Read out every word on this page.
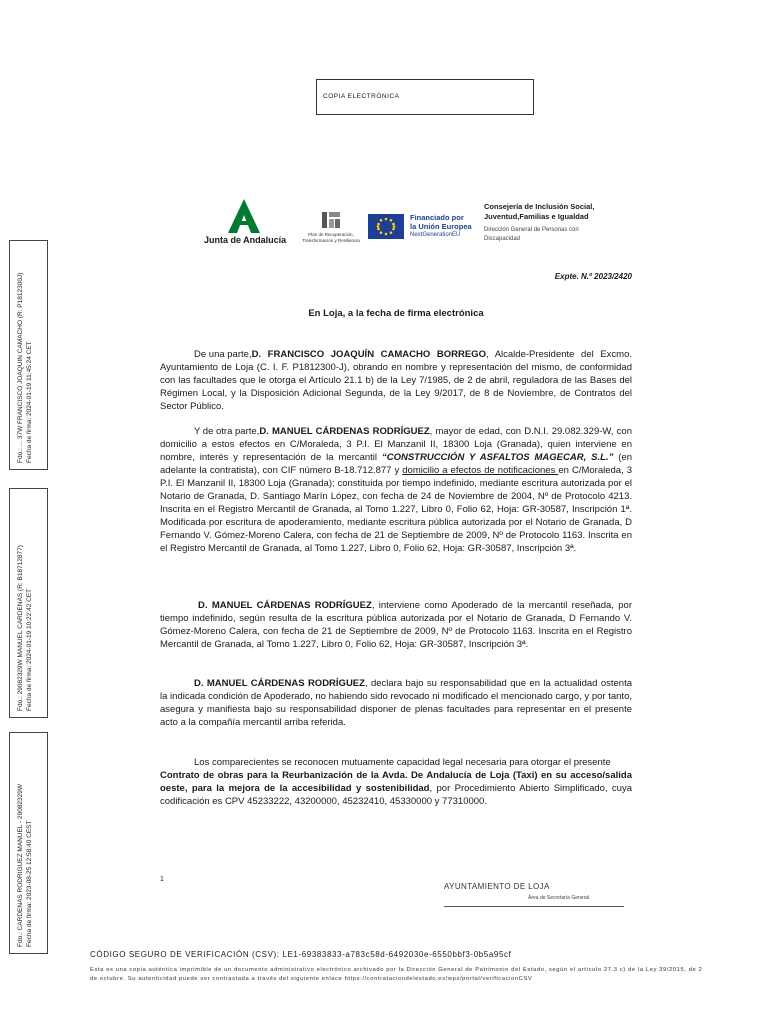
COPIA ELECTRÓNICA
Junta de Andalucía
Plan de Recuperación,
Transformación y Resiliencia
Financiado por
la Unión Europea
NextGenerationEU
Consejería de Inclusión Social,
Juventud,Familias e Igualdad
Dirección General de Personas con Discapacidad
Expte. N.º 2023/2420
En Loja, a la fecha de firma electrónica

De una parte,D. FRANCISCO JOAQUÍN CAMACHO BORREGO, Alcalde-Presidente del Excmo. Ayuntamiento de Loja (C. I. F. P1812300-J), obrando en nombre y representación del mismo, de conformidad con las facultades que le otorga el Artículo 21.1 b) de la Ley 7/1985, de 2 de abril, reguladora de las Bases del Régimen Local, y la Disposición Adicional Segunda, de la Ley 9/2017, de 8 de Noviembre, de Contratos del Sector Público.

Y de otra parte,D. MANUEL CÁRDENAS RODRÍGUEZ, mayor de edad, con D.N.I. 29.082.329-W, con domicilio a estos efectos en C/Moraleda, 3 P.I. El Manzanil II, 18300 Loja (Granada), quien interviene en nombre, interés y representación de la mercantil “CONSTRUCCIÓN Y ASFALTOS MAGECAR, S.L.” (en adelante la contratista), con CIF número B-18.712.877 y domicilio a efectos de notificaciones en C/Moraleda, 3 P.I. El Manzanil II, 18300 Loja (Granada); constituida por tiempo indefinido, mediante escritura autorizada por el Notario de Granada, D. Santiago Marín López, con fecha de 24 de Noviembre de 2004, Nº de Protocolo 4213. Inscrita en el Registro Mercantil de Granada, al Tomo 1.227, Libro 0, Folio 62, Hoja: GR-30587, Inscripción 1ª. Modificada por escritura de apoderamiento, mediante escritura pública autorizada por el Notario de Granada, D Fernando V. Gómez-Moreno Calera, con fecha de 21 de Septiembre de 2009, Nº de Protocolo 1163. Inscrita en el Registro Mercantil de Granada, al Tomo 1.227, Libro 0, Folio 62, Hoja: GR-30587, Inscripción 3ª.

D. MANUEL CÁRDENAS RODRÍGUEZ, interviene como Apoderado de la mercantil reseñada, por tiempo indefinido, según resulta de la escritura pública autorizada por el Notario de Granada, D Fernando V. Gómez-Moreno Calera, con fecha de 21 de Septiembre de 2009, Nº de Protocolo 1163. Inscrita en el Registro Mercantil de Granada, al Tomo 1.227, Libro 0, Folio 62, Hoja: GR-30587, Inscripción 3ª.

D. MANUEL CÁRDENAS RODRÍGUEZ, declara bajo su responsabilidad que en la actualidad ostenta la indicada condición de Apoderado, no habiendo sido revocado ni modificado el mencionado cargo, y por tanto, asegura y manifiesta bajo su responsabilidad disponer de plenas facultades para representar en el presente acto a la compañía mercantil arriba referida.

Los comparecientes se reconocen mutuamente capacidad legal necesaria para otorgar el presenteContrato de obras para la Reurbanización de la Avda. De Andalucía de Loja (Taxi) en su acceso/salida oeste, para la mejora de la accesibilidad y sostenibilidad, por Procedimiento Abierto Simplificado, cuya codificación es CPV 45233222, 43200000, 45232410, 45330000 y 77310000.

1
AYUNTAMIENTO DE LOJA
Área de Secretaría General
Fdo.: ... 37W FRANCISCO JOAQUIN CAMACHO (R: P1812300J) Fecha de firma: 2024-01-19 11:45:24 CET
Fdo.: 29082329W MANUEL CARDENAS (R: B18712877) Fecha de firma: 2024-01-19 10:22:42 CET
Fdo.: CARDENAS RODRIGUEZ MANUEL - 29082329W Fecha de firma: 2023-08-25 12:58:40 CEST
CÓDIGO SEGURO DE VERIFICACIÓN (CSV): LE1-69383833-a783c58d-6492030e-6550bbf3-0b5a95cf
Esta es una copia auténtica imprimible de un documento administrativo electrónico archivado por la Dirección General de Patrimonio del Estado, según el artículo 27.3 c) de la Ley 39/2015, de 2 de octubre. Su autenticidad puede ser contrastada a través del siguiente enlace https://contrataciondelestado.es/wps/portal/verificacionCSV
